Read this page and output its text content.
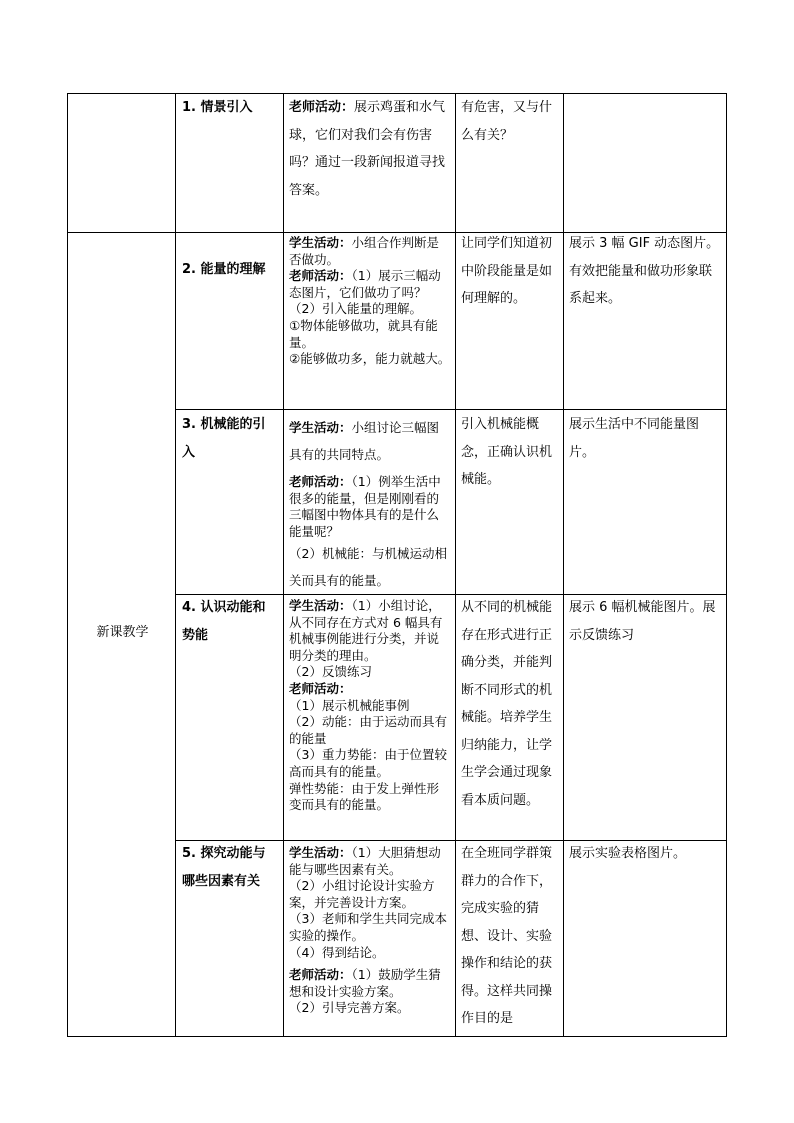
新课教学
1. 情景引入	老师活动：展示鸡蛋和水气球，它们对我们会有伤害吗？通过一段新闻报道寻找答案。
有危害，又与什么有关？
2. 能量的理解
学生活动：小组合作判断是否做功。
老师活动：（1）展示三幅动态图片，它们做功了吗？
（2）引入能量的理解。
①物体能够做功，就具有能量。
②能够做功多，能力就越大。
让同学们知道初中阶段能量是如何理解的。
展示 3 幅 GIF 动态图片。有效把能量和做功形象联系起来。
3. 机械能的引入
学生活动：小组讨论三幅图具有的共同特点。
老师活动：（1）例举生活中很多的能量，但是刚刚看的三幅图中物体具有的是什么能量呢？
（2）机械能：与机械运动相关而具有的能量。
引入机械能概念，正确认识机械能。
展示生活中不同能量图片。
4. 认识动能和势能
学生活动：（1）小组讨论，从不同存在方式对 6 幅具有机械事例能进行分类，并说明分类的理由。
（2）反馈练习
老师活动：
（1）展示机械能事例
（2）动能：由于运动而具有的能量
（3）重力势能：由于位置较高而具有的能量。
弹性势能：由于发上弹性形变而具有的能量。
从不同的机械能存在形式进行正确分类，并能判断不同形式的机械能。培养学生归纳能力，让学生学会通过现象看本质问题。
展示 6 幅机械能图片。展示反馈练习
5. 探究动能与哪些因素有关
学生活动：（1）大胆猜想动能与哪些因素有关。
（2）小组讨论设计实验方案，并完善设计方案。
（3）老师和学生共同完成本实验的操作。
（4）得到结论。
老师活动：（1）鼓励学生猜想和设计实验方案。
（2）引导完善方案。
在全班同学群策群力的合作下，完成实验的猜想、设计、实验操作和结论的获得。这样共同操作目的是
展示实验表格图片。
